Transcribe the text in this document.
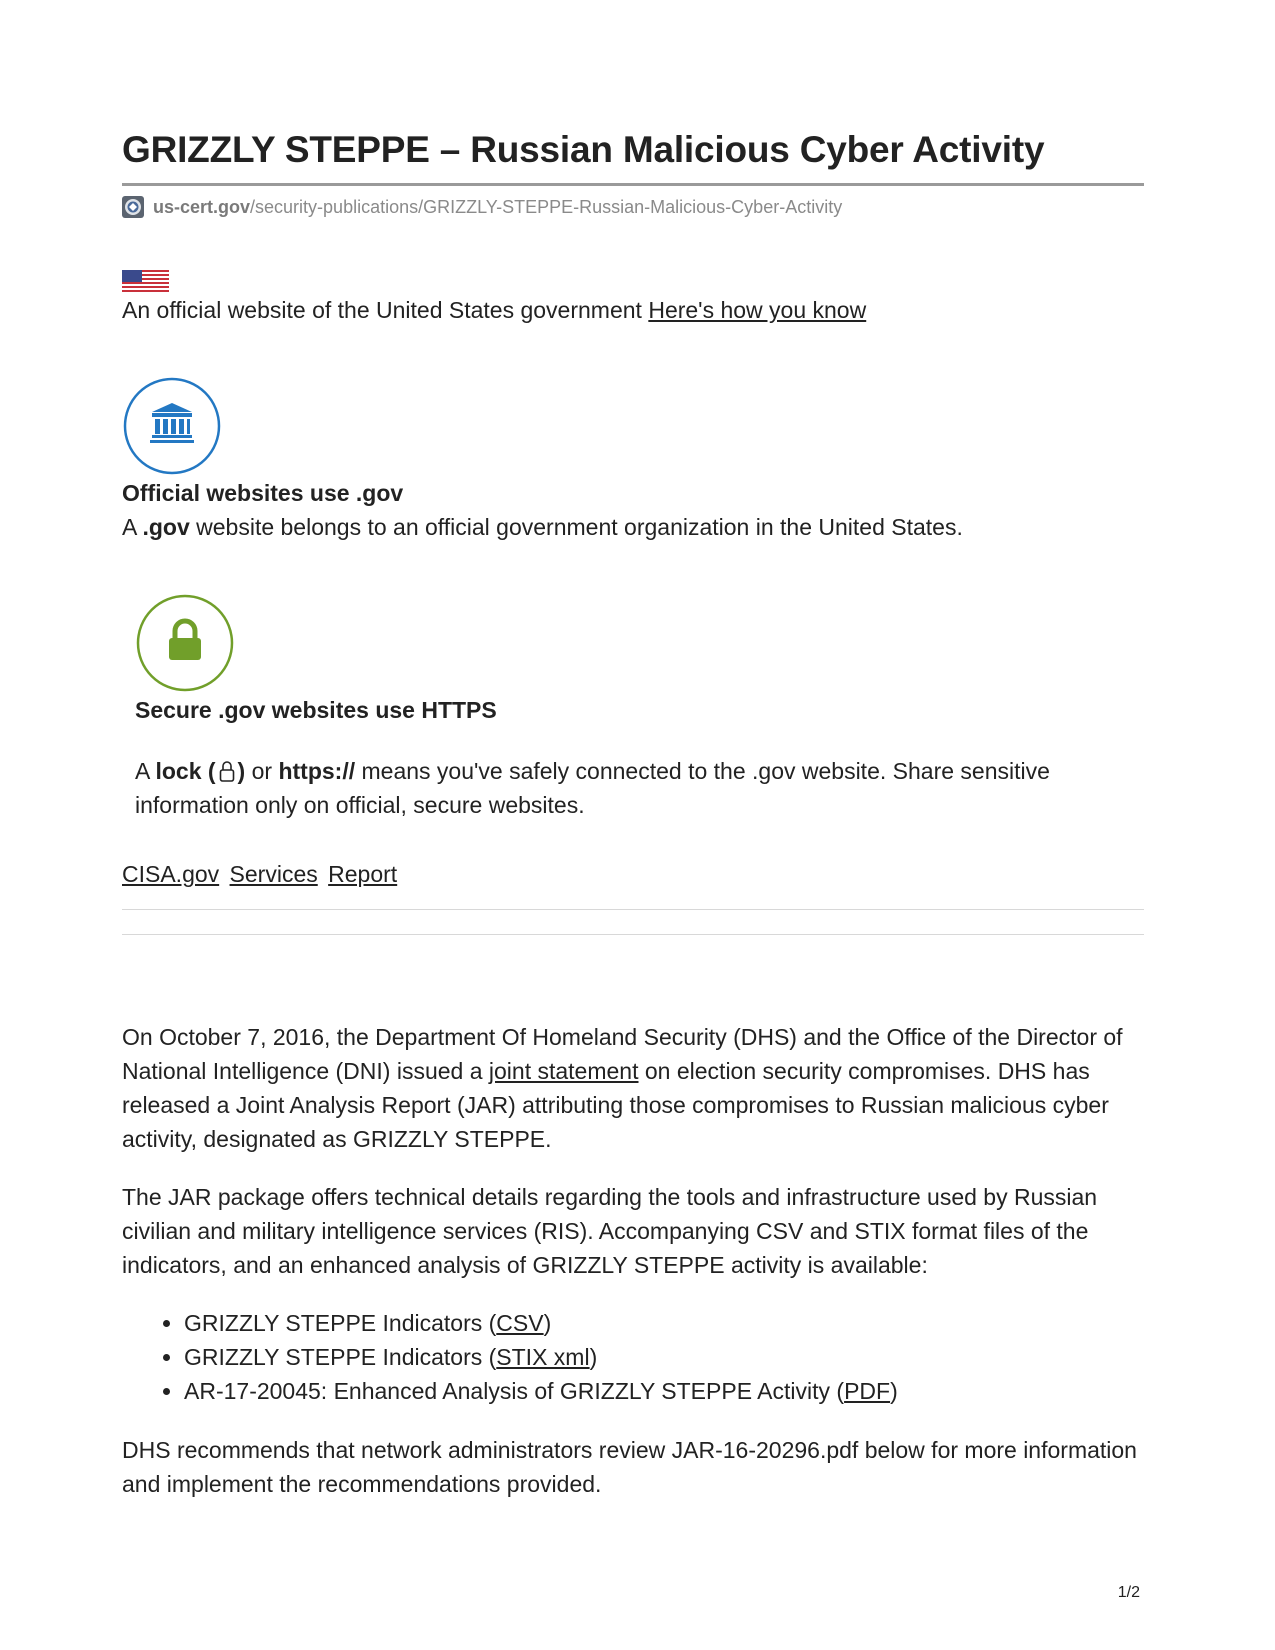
GRIZZLY STEPPE – Russian Malicious Cyber Activity
us-cert.gov /security-publications/GRIZZLY-STEPPE-Russian-Malicious-Cyber-Activity
An official website of the United States government Here's how you know
Official websites use .gov
A .gov website belongs to an official government organization in the United States.
Secure .gov websites use HTTPS
A lock ( ) or https:// means you've safely connected to the .gov website. Share sensitive information only on official, secure websites.
CISA.gov Services Report

On October 7, 2016, the Department Of Homeland Security (DHS) and the Office of the Director of National Intelligence (DNI) issued a joint statement on election security compromises. DHS has released a Joint Analysis Report (JAR) attributing those compromises to Russian malicious cyber activity, designated as GRIZZLY STEPPE.

The JAR package offers technical details regarding the tools and infrastructure used by Russian civilian and military intelligence services (RIS). Accompanying CSV and STIX format files of the indicators, and an enhanced analysis of GRIZZLY STEPPE activity is available:

• GRIZZLY STEPPE Indicators (CSV)
• GRIZZLY STEPPE Indicators (STIX xml)
• AR-17-20045: Enhanced Analysis of GRIZZLY STEPPE Activity (PDF)

DHS recommends that network administrators review JAR-16-20296.pdf below for more information and implement the recommendations provided.

1/2
